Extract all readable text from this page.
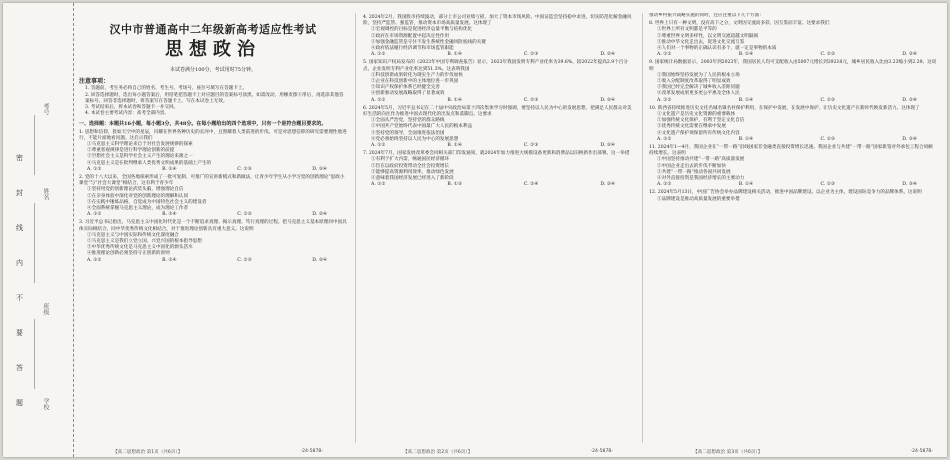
考号
姓名
班级
学校
密
封
线
内
不
要
答
题
汉中市普通高中二年级新高考适应性考试
思想政治
本试卷满分100分，考试用时75分钟。
注意事项：

1. 答题前，考生务必将自己的姓名、考生号、考场号、座位号填写在答题卡上。

2. 回答选择题时，选出每小题答案后，用铅笔把答题卡上对应题目的答案标号涂黑。如需改动，用橡皮擦干净后，再选涂其他答案标号。回答非选择题时，将答案写在答题卡上。写在本试卷上无效。

3. 考试结束后，将本试卷和答题卡一并交回。

4. 本试卷主要考试内容：高考全部内容。

一、选择题：本题共16小题，每小题3分，共48分。在每小题给出的四个选项中，只有一个是符合题目要求的。

1. 思想和信仰，犹如天空中的星辰，闪耀在世界各种历史的长河中，且照耀着人类前进的步伐。可是对思想信仰的研究需要理性地进行，不能片面地看问题。这启示我们

①马克思主义科学理论来自于对社会发展规律的探索

②尊重客观规律是进行科学理论创新的前提

③空想社会主义是科学社会主义产生的理论来源之一

④马克思主义是在批判继承人类优秀文明成果的基础上产生的

A. ①②	B. ①④	C. ②③	D. ③④

2. 党的十八大以来，全国各地探索形成了一批可复制、可推广的宣讲新模式和新做法，让青少年学生从小学习党的创新理论“思政小课堂”与“社会大课堂”相结合，这有利于青少年

①坚持用党的创新理论武装头脑，增强理论自信

②在亲身体验中深化对党的创新理论的理解和认同

③在实践中锤炼品格，自觉成为中国特色社会主义的建设者

④全面系统掌握马克思主义理论，成为理论工作者

A. ①②	B. ①④	C. ②③	D. ③④

3. 习近平总书记指出，马克思主义中国化时代化是一个不断追求真理、揭示真理、笃行真理的过程。把马克思主义基本原理同中国具体实际相结合、同中华优秀传统文化相结合，对于推进理论创新具有重大意义。这说明

①马克思主义与中国实际和传统文化深度融合

②马克思主义是我们立党立国、兴党兴国的根本指导思想

③中华优秀传统文化是马克思主义中国化的源头活水

④推进理论创新必须坚持守正创新的原则

A. ①②	B. ①④	C. ②③	D. ③④
【高二思想政治 第1页（共6页）】	·24-587B·

4. 2024年2月，我国股市持续波动，部分上市公司业绩亏损，加大了资本市场风险。中国证监会坚持稳中求进，切实防范化解金融风险，坚持严监管、强监管，推动资本市场高质量发展。这体现了

①宏观调控的目标是促进经济总量平衡与结构优化

②政府在市场资源配置中起决定性作用

③加强金融监管是守住不发生系统性金融风险底线的关键

④政府依法履行经济调节和市场监管职能

A. ①②	B. ①④	C. ②③	D. ③④

5. 国家知识产权局发布的《2023年中国专利调查报告》显示，2023年我国发明专利产业化率为39.6%，较2022年提高2.9个百分点，企业发明专利产业化率达到51.3%。这表明我国

①科技创新成果转化为现实生产力的步伐加快

②企业在科技创新中的主体地位进一步巩固

③知识产权保护体系已经健全完善

④创新驱动发展战略取得了显著成效

A. ①②	B. ①④	C. ②③	D. ③④

6. 2024年5月，习近平总书记在二十届中央政治局第十四次集体学习时强调，要坚持以人民为中心的发展思想，把满足人民群众对美好生活的向往作为推进中国式现代化的出发点和落脚点。这要求

①全面从严治党，坚持党的群众路线

②中国共产党始终代表中国最广大人民的根本利益

③坚持党的领导，全面推进依法治国

④党必须始终坚持以人民为中心的发展思想

A. ①②	B. ①④	C. ②③	D. ③④

7. 2024年7月，国家发展改革委会同相关部门印发通知，就2024年加力推进大规模设备更新和消费品以旧换新作出部署。这一举措

①有利于扩大内需，畅通国民经济循环

②旨在以政府投资带动全社会投资增长

③能够提高资源利用效率，推动绿色发展

④意味着我国经济发展已经进入了新阶段

A. ①②	B. ①③	C. ②④	D. ③④
【高二思想政治 第2页（共6页）】	·24-587B·

推动乡村振兴战略实施的同时，还应注重以下几个方面：

8. 世界上只有一种文明，没有高下之分，文明因交流而多彩，因互鉴而丰富。这要求我们

①世界上所有文明都是平等的

②尊重世界文明多样性，以文明交流超越文明隔阂

③推动中华文化走出去，促进文化交流互鉴

④人们对一个事物的正确认识有多个，就一定是事物的本质

A. ①②	B. ①④	C. ②③	D. ③④

9. 国家统计局数据显示，2003年到2023年，我国居民人均可支配收入由5007元增长到39218元，城乡居民收入比由3.23缩小到2.39。这说明

①我国始终坚持发展为了人民的根本立场

②收入分配制度改革取得了明显成效

③我国已经完全解决了城乡收入差距问题

④改革发展成果更多更公平惠及全体人民

A. ①②	B. ①④	C. ②③	D. ③④

10. 陕西省持续推进历史文化名城名镇名村保护利用，在保护中发展，在发展中保护，让历史文化遗产在新时代焕发新活力。这体现了

①文化遗产是历史文化资源的重要载体

②加强传统文化保护，有利于坚定文化自信

③优秀传统文化需要在继承中发展

④文化遗产保护须保留所有传统文化内容

A. ①②	B. ①④	C. ②③	D. ③④

11. 2024年1—4月，我国企业在“一带一路”沿线国家非金融类直接投资增长迅速。我国企业与共建“一带一路”国家新签对外承包工程合同额持续增长。这表明

①中国坚持推动共建“一带一路”高质量发展

②中国企业走出去的步伐不断加快

③共建“一带一路”推动各国共同发展

④对外直接投资是我国经济增长的主要动力

A. ①②	B. ①④	C. ②③	D. ③④

12. 2024年5月13日，中国广告协会举办品牌建设相关活动，推进中国品牌建设。以企业为主体，建设国际竞争力的品牌体系。这说明

①品牌建设是推动高质量发展的重要举措

【高二思想政治 第3页（共6页）】	·24-587B·
